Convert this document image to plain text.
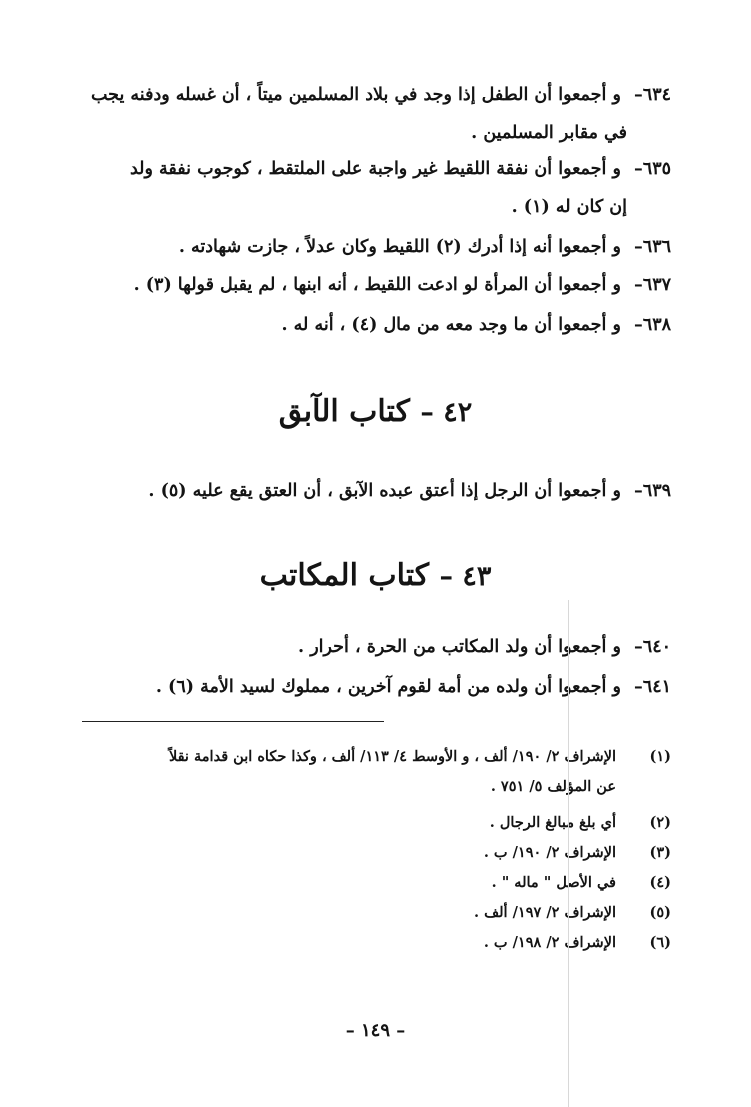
٦٣٤– و أجمعوا أن الطفل إذا وجد في بلاد المسلمين ميتاً ، أن غسله ودفنه يجب
في مقابر المسلمين .
٦٣٥– و أجمعوا أن نفقة اللقيط غير واجبة على الملتقط ، كوجوب نفقة ولد
إن كان له (١) .
٦٣٦– و أجمعوا أنه إذا أدرك (٢) اللقيط وكان عدلاً ، جازت شهادته .
٦٣٧– و أجمعوا أن المرأة لو ادعت اللقيط ، أنه ابنها ، لم يقبل قولها (٣) .
٦٣٨– و أجمعوا أن ما وجد معه من مال (٤) ، أنه له .
٤٢ – كتاب الآبق
٦٣٩– و أجمعوا أن الرجل إذا أعتق عبده الآبق ، أن العتق يقع عليه (٥) .
٤٣ – كتاب المكاتب
٦٤٠– و أجمعوا أن ولد المكاتب من الحرة ، أحرار .
٦٤١– و أجمعوا أن ولده من أمة لقوم آخرين ، مملوك لسيد الأمة (٦) .
(١)الإشراف ٢/ ١٩٠/ ألف ، و الأوسط ٤/ ١١٣/ ألف ، وكذا حكاه ابن قدامة نقلاً
عن المؤلف ٥/ ٧٥١ .
(٢)أي بلغ مبالغ الرجال .
(٣)الإشراف ٢/ ١٩٠/ ب .
(٤)في الأصل " ماله " .
(٥)الإشراف ٢/ ١٩٧/ ألف .
(٦)الإشراف ٢/ ١٩٨/ ب .
– ١٤٩ –
